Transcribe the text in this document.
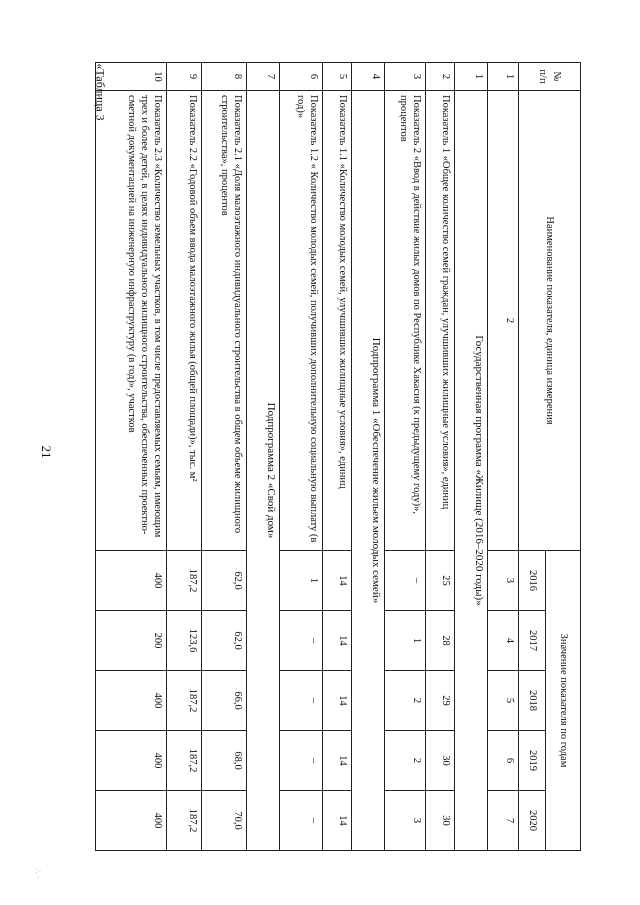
21
«Таблица 3
∴ ·
№ п/п	Наименование показателя, единица измерения	Значение показателя по годам				
		2016	2017	2018	2019	2020
1	2	3	4	5	6	7
1	Государственная программа «Жилище (2016–2020 годы)»					
2	Показатель 1 «Общее количество семей граждан, улучшивших жилищные условия», единиц	25	28	29	30	30
3	Показатель 2 «Ввод в действие жилых домов по Республике Хакасия (к предыдущему году)», процентов	–	1	2	2	3
4	Подпрограмма 1 «Обеспечение жильем молодых семей»					
5	Показатель 1.1 «Количество молодых семей, улучшивших жилищные условия», единиц	14	14	14	14	14
6	Показатель 1.2 « Количество молодых семей, получивших дополнительную социальную выплату (в год)»	1	–	–	–	–
7	Подпрограмма 2 «Свой дом»					
8	Показатель 2.1 «Доля малоэтажного индивидуального строительства в общем объеме жилищного строительства», процентов	62,0	62,0	66,0	68,0	70,0
9	Показатель 2.2 «Годовой объем ввода малоэтажного жилья (общей площади)», тыс. м²	187,2	123,6	187,2	187,2	187,2
10	Показатель 2.3 «Количество земельных участков, в том числе предоставляемых семьям, имеющим трех и более детей, в целях индивидуального жилищного строительства, обеспеченных проектно-сметной документацией на инженерную инфраструктуру (в год)», участков	400	200	400	400	400
